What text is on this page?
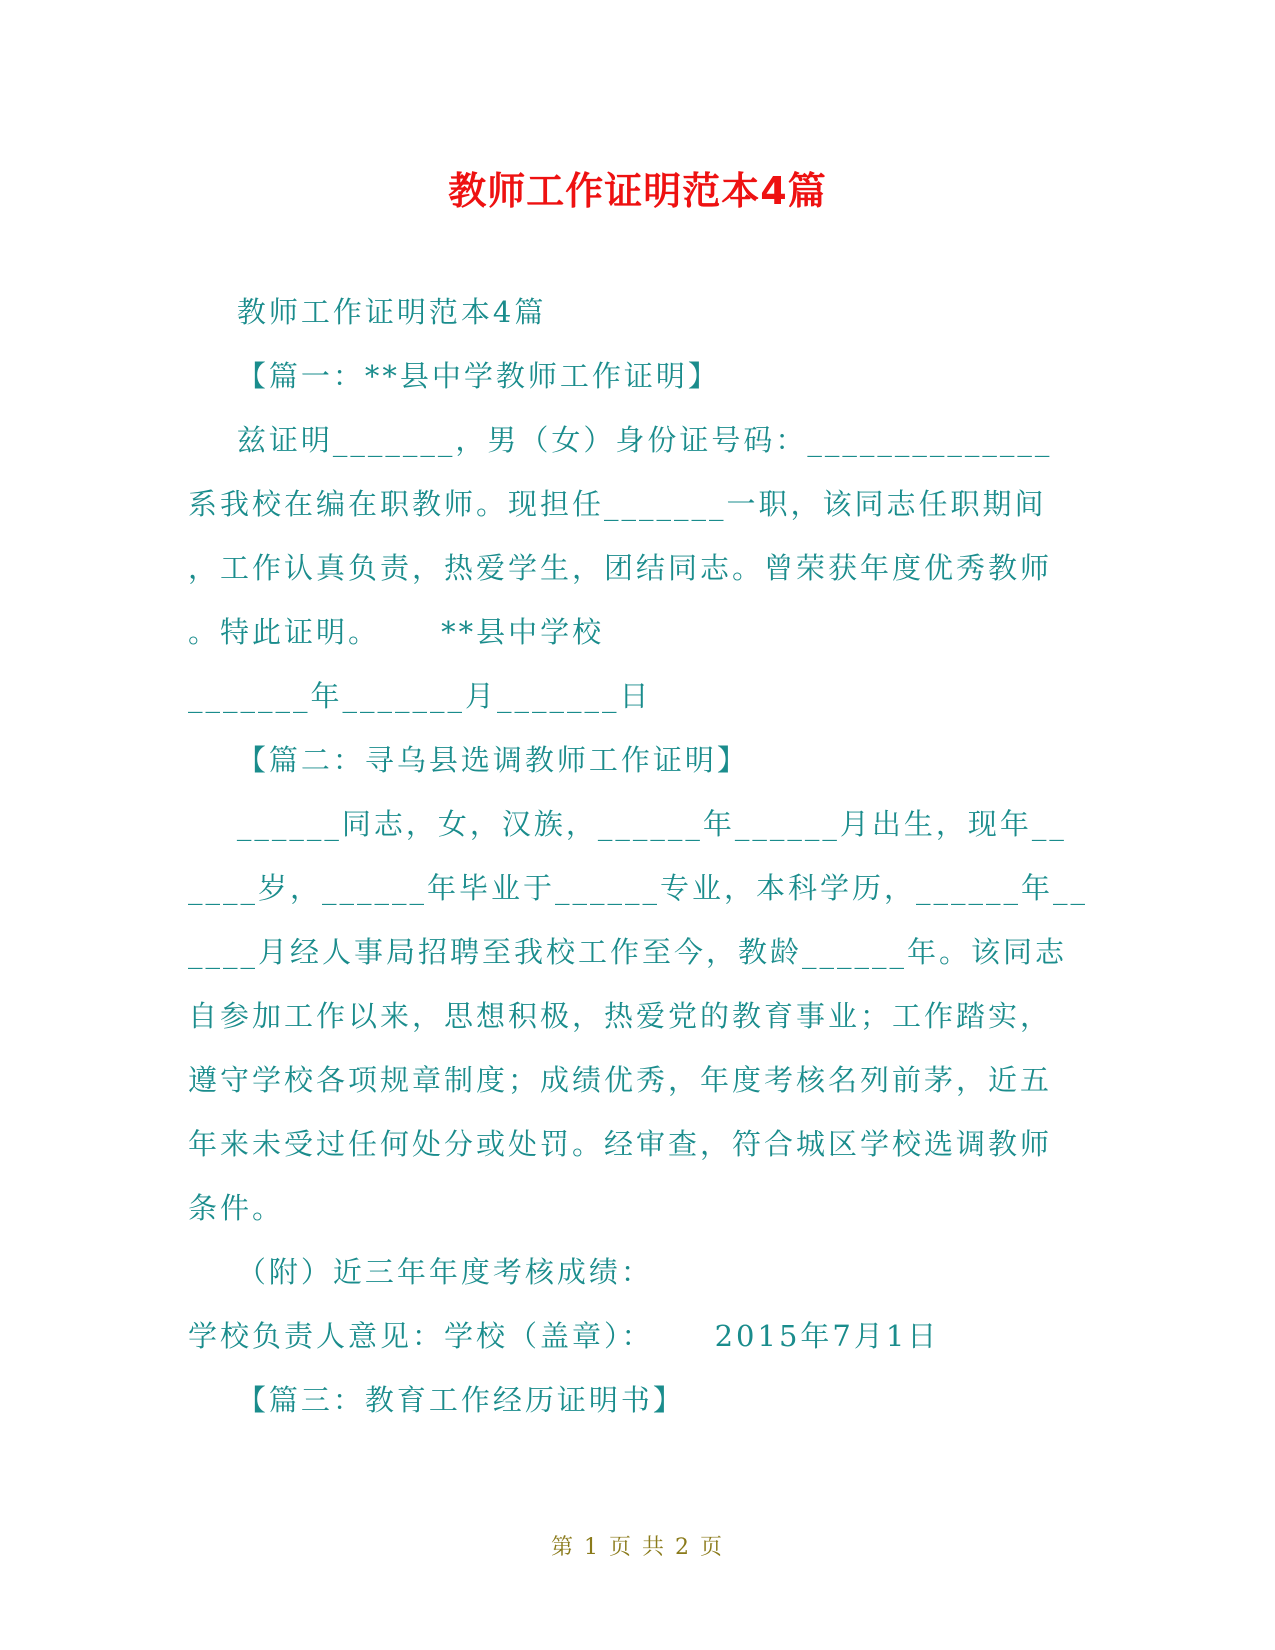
教师工作证明范本4篇

教师工作证明范本4篇

【篇一：**县中学教师工作证明】

兹证明_______，男（女）身份证号码：______________

系我校在编在职教师。现担任_______一职，该同志任职期间

，工作认真负责，热爱学生，团结同志。曾荣获年度优秀教师

。特此证明。     **县中学校

_______年_______月_______日

【篇二：寻乌县选调教师工作证明】

______同志，女，汉族，______年______月出生，现年__

____岁，______年毕业于______专业，本科学历，______年__

____月经人事局招聘至我校工作至今，教龄______年。该同志

自参加工作以来，思想积极，热爱党的教育事业；工作踏实，

遵守学校各项规章制度；成绩优秀，年度考核名列前茅，近五

年来未受过任何处分或处罚。经审查，符合城区学校选调教师

条件。

（附）近三年年度考核成绩：

学校负责人意见：学校（盖章）：     2015年7月1日

【篇三：教育工作经历证明书】

第 1 页 共 2 页
